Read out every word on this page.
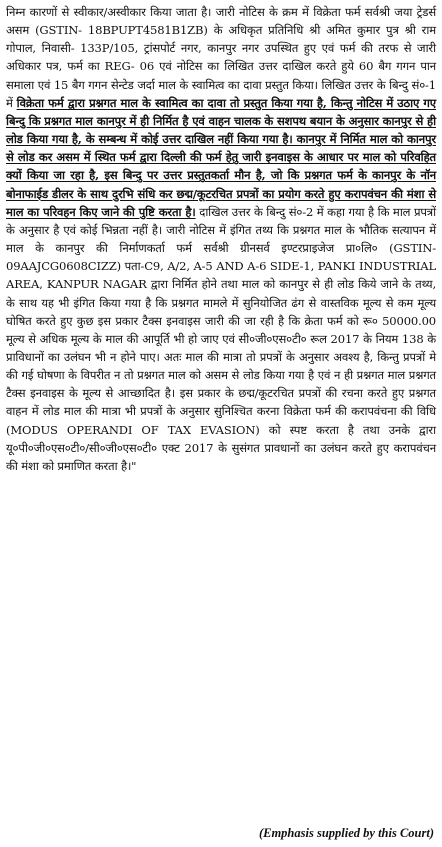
निम्न कारणों से स्वीकार/अस्वीकार किया जाता है। जारी नोटिस के क्रम में विक्रेता फर्म सर्वश्री जया ट्रेडर्स असम (GSTIN- 18BPUPT4581B1ZB) के अधिकृत प्रतिनिधि श्री अमित कुमार पुत्र श्री राम गोपाल, निवासी- 133P/105, ट्रांसपोर्ट नगर, कानपुर नगर उपस्थित हुए एवं फर्म की तरफ से जारी अधिकार पत्र, फर्म का REG- 06 एवं नोटिस का लिखित उत्तर दाखिल करते हुये 60 बैग गगन पान समाला एवं 15 बैग गगन सेन्टेड जर्दा माल के स्वामित्व का दावा प्रस्तुत किया। लिखित उत्तर के बिन्दु सं०-1 में विक्रेता फर्म द्वारा प्रश्नगत माल के स्वामित्व का दावा तो प्रस्तुत किया गया है, किन्तु नोटिस में उठाए गए बिन्दु कि प्रश्नगत माल कानपुर में ही निर्मित है एवं वाहन चालक के सशपथ बयान के अनुसार कानपुर से ही लोड किया गया है, के सम्बन्ध में कोई उत्तर दाखिल नहीं किया गया है। कानपुर में निर्मित माल को कानपुर से लोड कर असम में स्थित फर्म द्वारा दिल्ली की फर्म हेतु जारी इनवाइस के आधार पर माल को परिवहित क्यों किया जा रहा है, इस बिन्दु पर उत्तर प्रस्तुतकर्ता मौन है, जो कि प्रश्नगत फर्म के कानपुर के नॉन बोनाफाईड डीलर के साथ दुरभि संधि कर छद्म/कूटरचित प्रपत्रों का प्रयोग करते हुए करापवंचन की मंशा से माल का परिवहन किए जाने की पुष्टि करता है। दाखिल उत्तर के बिन्दु सं०-2 में कहा गया है कि माल प्रपत्रों के अनुसार है एवं कोई भिन्नता नहीं है। जारी नोटिस में इंगित तथ्य कि प्रश्नगत माल के भौतिक सत्यापन में माल के कानपुर की निर्माणकर्ता फर्म सर्वश्री ग्रीनसर्व इण्टरप्राइजेज प्रा०लि० (GSTIN-09AAJCG0608CIZZ) पता-C9, A/2, A-5 AND A-6 SIDE-1, PANKI INDUSTRIAL AREA, KANPUR NAGAR द्वारा निर्मित होने तथा माल को कानपुर से ही लोड किये जाने के तथ्य, के साथ यह भी इंगित किया गया है कि प्रश्नगत मामले में सुनियोजित ढंग से वास्तविक मूल्य से कम मूल्य घोषित करते हुए कुछ इस प्रकार टैक्स इनवाइस जारी की जा रही है कि क्रेता फर्म को रू० 50000.00 मूल्य से अधिक मूल्य के माल की आपूर्ति भी हो जाए एवं सी०जी०एस०टी० रूल 2017 के नियम 138 के प्राविधानों का उलंघन भी न होने पाए। अतः माल की मात्रा तो प्रपत्रों के अनुसार अवश्य है, किन्तु प्रपत्रों मे की गई घोषणा के विपरीत न तो प्रश्नगत माल को असम से लोड किया गया है एवं न ही प्रश्नगत माल प्रश्नगत टैक्स इनवाइस के मूल्य से आच्छादित है। इस प्रकार के छद्म/कूटरचित प्रपत्रों की रचना करते हुए प्रश्नगत वाहन में लोड माल की मात्रा भी प्रपत्रों के अनुसार सुनिश्चित करना विक्रेता फर्म की करापवंचना की विधि (MODUS OPERANDI OF TAX EVASION) को स्पष्ट करता है तथा उनके द्वारा यू०पी०जी०एस०टी०/सी०जी०एस०टी० एक्ट 2017 के सुसंगत प्रावधानों का उलंघन करते हुए करापवंचन की मंशा को प्रमाणित करता है।"

(Emphasis supplied by this Court)
